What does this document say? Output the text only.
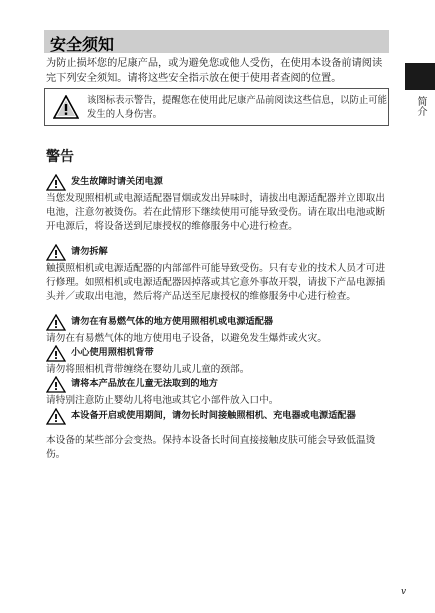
安全须知
为防止损坏您的尼康产品，或为避免您或他人受伤，在使用本设备前请阅读完下列安全须知。请将这些安全指示放在便于使用者查阅的位置。
该图标表示警告，提醒您在使用此尼康产品前阅读这些信息，以防止可能发生的人身伤害。	简介
警告
发生故障时请关闭电源
当您发现照相机或电源适配器冒烟或发出异味时，请拔出电源适配器并立即取出电池，注意勿被烫伤。若在此情形下继续使用可能导致受伤。请在取出电池或断开电源后，将设备送到尼康授权的维修服务中心进行检查。
请勿拆解
触摸照相机或电源适配器的内部部件可能导致受伤。只有专业的技术人员才可进行修理。如照相机或电源适配器因掉落或其它意外事故开裂，请拔下产品电源插头并／或取出电池，然后将产品送至尼康授权的维修服务中心进行检查。
请勿在有易燃气体的地方使用照相机或电源适配器
请勿在有易燃气体的地方使用电子设备，以避免发生爆炸或火灾。
小心使用照相机背带
请勿将照相机背带缠绕在婴幼儿或儿童的颈部。
请将本产品放在儿童无法取到的地方
请特别注意防止婴幼儿将电池或其它小部件放入口中。
本设备开启或使用期间，请勿长时间接触照相机、充电器或电源适配器
本设备的某些部分会变热。保持本设备长时间直接接触皮肤可能会导致低温烫伤。
v
